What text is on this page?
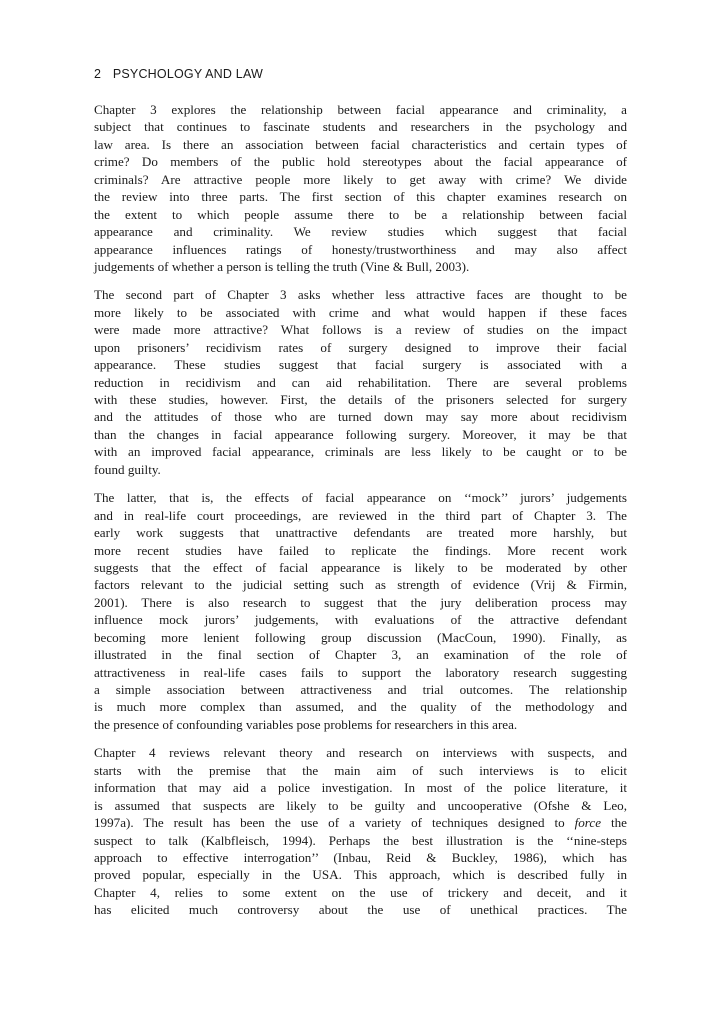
2 PSYCHOLOGY AND LAW
Chapter 3 explores the relationship between facial appearance and criminality, a
subject that continues to fascinate students and researchers in the psychology and
law area. Is there an association between facial characteristics and certain types of
crime? Do members of the public hold stereotypes about the facial appearance of
criminals? Are attractive people more likely to get away with crime? We divide
the review into three parts. The first section of this chapter examines research on
the extent to which people assume there to be a relationship between facial
appearance and criminality. We review studies which suggest that facial
appearance influences ratings of honesty/trustworthiness and may also affect
judgements of whether a person is telling the truth (Vine & Bull, 2003).
The second part of Chapter 3 asks whether less attractive faces are thought to be
more likely to be associated with crime and what would happen if these faces
were made more attractive? What follows is a review of studies on the impact
upon prisoners’ recidivism rates of surgery designed to improve their facial
appearance. These studies suggest that facial surgery is associated with a
reduction in recidivism and can aid rehabilitation. There are several problems
with these studies, however. First, the details of the prisoners selected for surgery
and the attitudes of those who are turned down may say more about recidivism
than the changes in facial appearance following surgery. Moreover, it may be that
with an improved facial appearance, criminals are less likely to be caught or to be
found guilty.
The latter, that is, the effects of facial appearance on ‘‘mock’’ jurors’ judgements
and in real-life court proceedings, are reviewed in the third part of Chapter 3. The
early work suggests that unattractive defendants are treated more harshly, but
more recent studies have failed to replicate the findings. More recent work
suggests that the effect of facial appearance is likely to be moderated by other
factors relevant to the judicial setting such as strength of evidence (Vrij & Firmin,
2001). There is also research to suggest that the jury deliberation process may
influence mock jurors’ judgements, with evaluations of the attractive defendant
becoming more lenient following group discussion (MacCoun, 1990). Finally, as
illustrated in the final section of Chapter 3, an examination of the role of
attractiveness in real-life cases fails to support the laboratory research suggesting
a simple association between attractiveness and trial outcomes. The relationship
is much more complex than assumed, and the quality of the methodology and
the presence of confounding variables pose problems for researchers in this area.
Chapter 4 reviews relevant theory and research on interviews with suspects, and
starts with the premise that the main aim of such interviews is to elicit
information that may aid a police investigation. In most of the police literature, it
is assumed that suspects are likely to be guilty and uncooperative (Ofshe & Leo,
1997a). The result has been the use of a variety of techniques designed to force the
suspect to talk (Kalbfleisch, 1994). Perhaps the best illustration is the ‘‘nine-steps
approach to effective interrogation’’ (Inbau, Reid & Buckley, 1986), which has
proved popular, especially in the USA. This approach, which is described fully in
Chapter 4, relies to some extent on the use of trickery and deceit, and it
has elicited much controversy about the use of unethical practices. The
